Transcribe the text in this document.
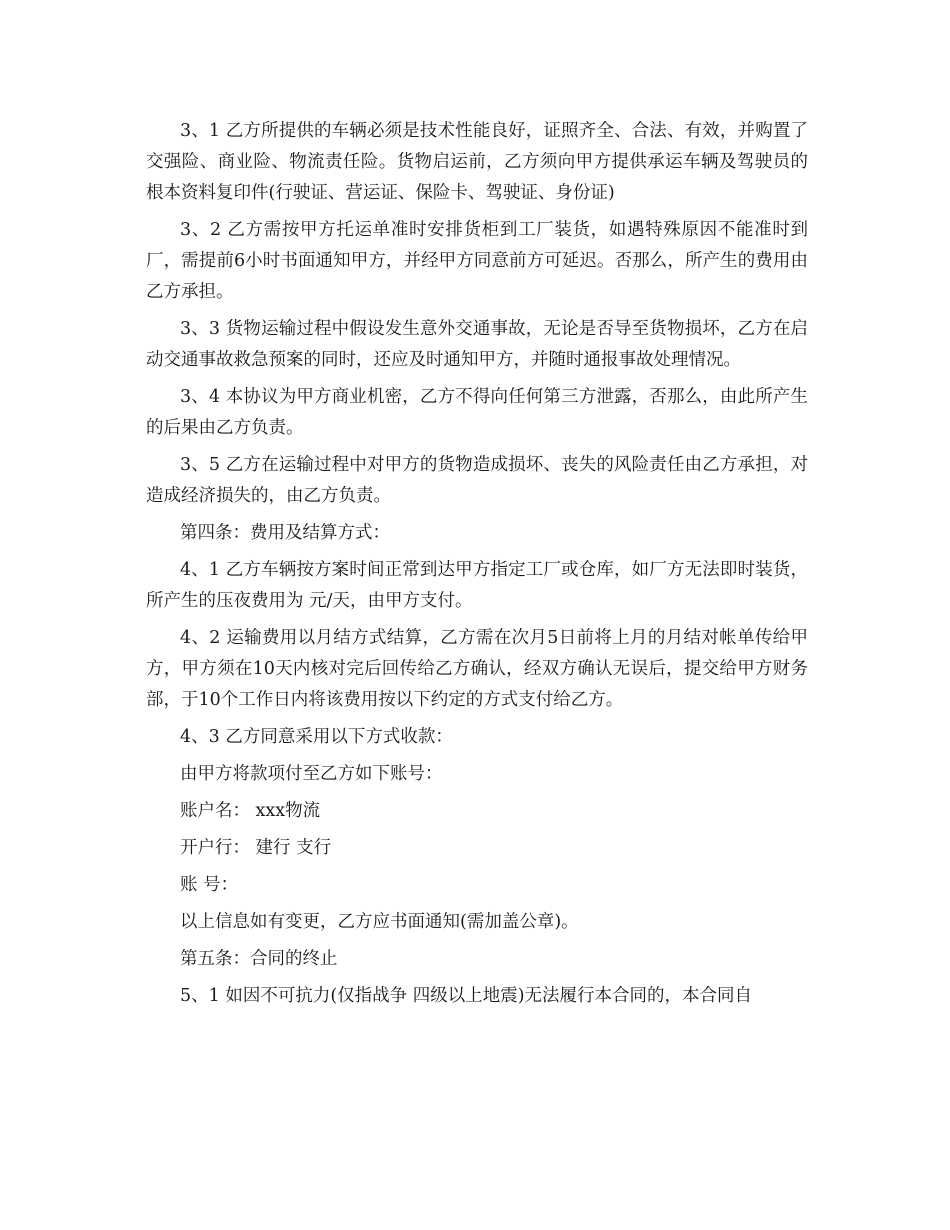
3、1 乙方所提供的车辆必须是技术性能良好，证照齐全、合法、有效，并购置了交强险、商业险、物流责任险。货物启运前，乙方须向甲方提供承运车辆及驾驶员的根本资料复印件(行驶证、营运证、保险卡、驾驶证、身份证)

3、2 乙方需按甲方托运单准时安排货柜到工厂装货，如遇特殊原因不能准时到厂，需提前6小时书面通知甲方，并经甲方同意前方可延迟。否那么，所产生的费用由乙方承担。

3、3 货物运输过程中假设发生意外交通事故，无论是否导至货物损坏，乙方在启动交通事故救急预案的同时，还应及时通知甲方，并随时通报事故处理情况。

3、4 本协议为甲方商业机密，乙方不得向任何第三方泄露，否那么，由此所产生的后果由乙方负责。

3、5 乙方在运输过程中对甲方的货物造成损坏、丧失的风险责任由乙方承担，对造成经济损失的，由乙方负责。

第四条：费用及结算方式：

4、1 乙方车辆按方案时间正常到达甲方指定工厂或仓库，如厂方无法即时装货，所产生的压夜费用为 元/天，由甲方支付。

4、2 运输费用以月结方式结算，乙方需在次月5日前将上月的月结对帐单传给甲方，甲方须在10天内核对完后回传给乙方确认，经双方确认无误后，提交给甲方财务部，于10个工作日内将该费用按以下约定的方式支付给乙方。

4、3 乙方同意采用以下方式收款：

由甲方将款项付至乙方如下账号：

账户名： xxx物流

开户行： 建行 支行

账 号：

以上信息如有变更，乙方应书面通知(需加盖公章)。

第五条：合同的终止

5、1 如因不可抗力(仅指战争 四级以上地震)无法履行本合同的，本合同自
